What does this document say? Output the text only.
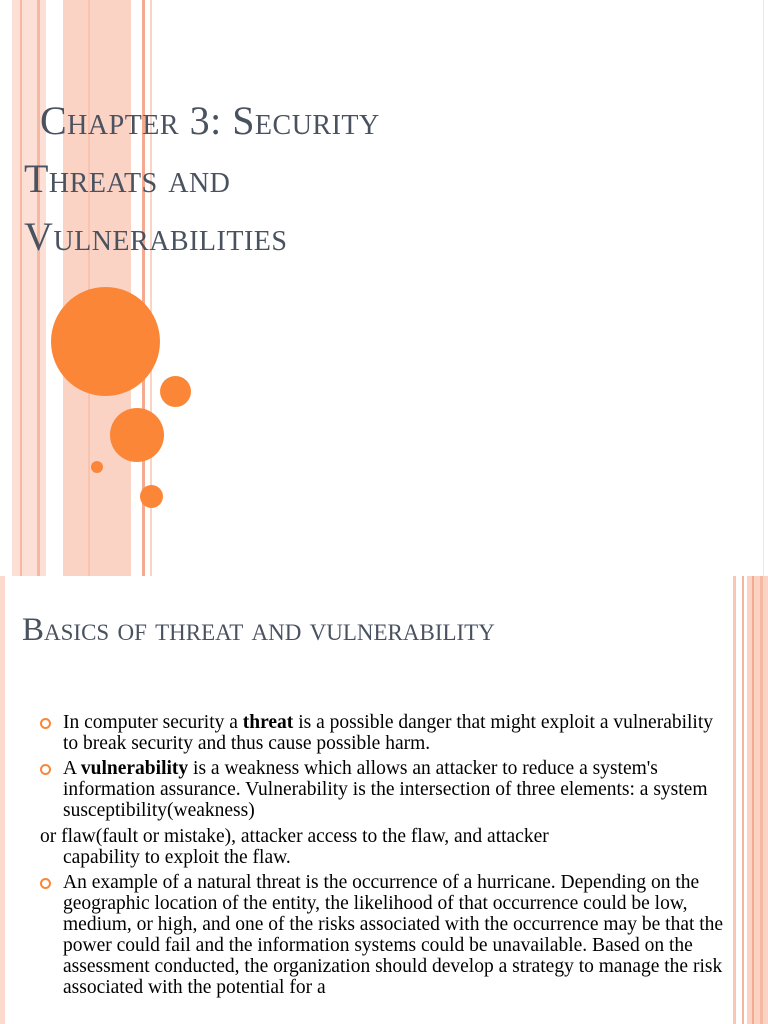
Chapter 3: Security
Threats and
Vulnerabilities
Basics of threat and vulnerability
In computer security a threat is a possible danger that might exploit a vulnerability to break security and thus cause possible harm.
A vulnerability is a weakness which allows an attacker to reduce a system's information assurance. Vulnerability is the intersection of three elements: a system susceptibility(weakness)
or flaw(fault or mistake), attacker access to the flaw, and attacker
capability to exploit the flaw.
An example of a natural threat is the occurrence of a hurricane. Depending on the geographic location of the entity, the likelihood of that occurrence could be low, medium, or high, and one of the risks associated with the occurrence may be that the power could fail and the information systems could be unavailable. Based on the assessment conducted, the organization should develop a strategy to manage the risk associated with the potential for a
